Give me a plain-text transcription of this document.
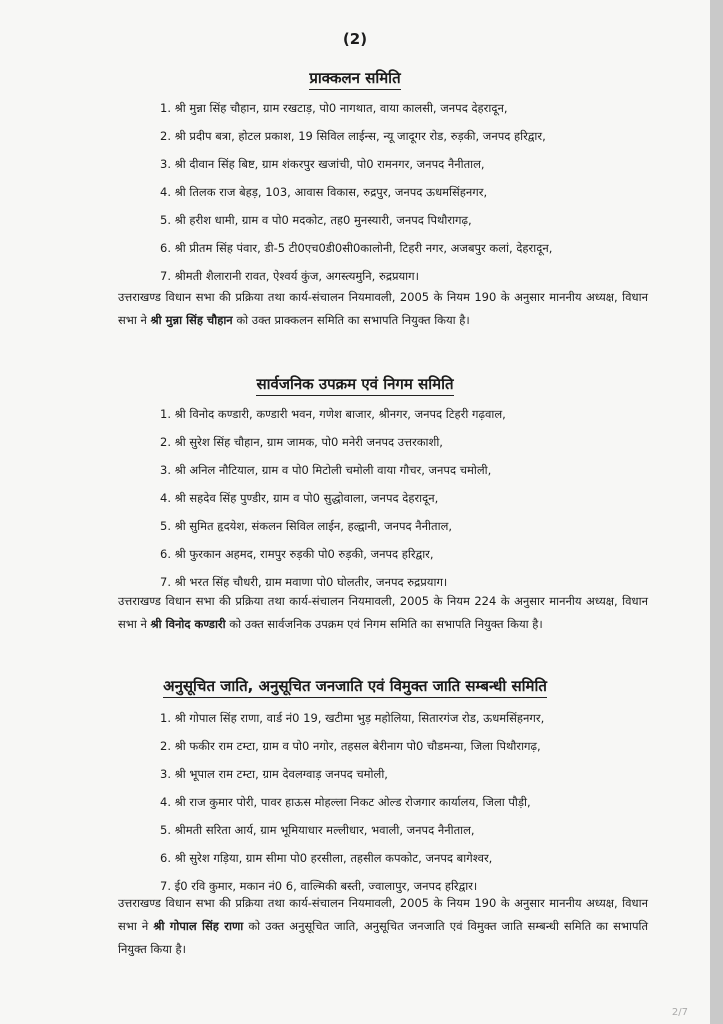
(2)
प्राक्कलन समिति
1. श्री मुन्ना सिंह चौहान, ग्राम रखटाड़, पो0 नागथात, वाया कालसी, जनपद देहरादून,
2. श्री प्रदीप बत्रा, होटल प्रकाश, 19 सिविल लाईन्स, न्यू जादूगर रोड, रुड़की, जनपद हरिद्वार,
3. श्री दीवान सिंह बिष्ट, ग्राम शंकरपुर खजांची, पो0 रामनगर, जनपद नैनीताल,
4. श्री तिलक राज बेहड़, 103, आवास विकास, रुद्रपुर, जनपद ऊधमसिंहनगर,
5. श्री हरीश धामी, ग्राम व पो0 मदकोट, तह0 मुनस्यारी, जनपद पिथौरागढ़,
6. श्री प्रीतम सिंह पंवार, डी-5 टी0एच0डी0सी0कालोनी, टिहरी नगर, अजबपुर कलां, देहरादून,
7. श्रीमती शैलारानी रावत, ऐश्वर्य कुंज, अगस्त्यमुनि, रुद्रप्रयाग।

उत्तराखण्ड विधान सभा की प्रक्रिया तथा कार्य-संचालन नियमावली, 2005 के नियम 190 के अनुसार माननीय अध्यक्ष, विधान सभा ने श्री मुन्ना सिंह चौहान को उक्त प्राक्कलन समिति का सभापति नियुक्त किया है।

सार्वजनिक उपक्रम एवं निगम समिति
1. श्री विनोद कण्डारी, कण्डारी भवन, गणेश बाजार, श्रीनगर, जनपद टिहरी गढ़वाल,
2. श्री सुरेश सिंह चौहान, ग्राम जामक, पो0 मनेरी जनपद उत्तरकाशी,
3. श्री अनिल नौटियाल, ग्राम व पो0 मिटोली चमोली वाया गौचर, जनपद चमोली,
4. श्री सहदेव सिंह पुण्डीर, ग्राम व पो0 सुद्धोवाला, जनपद देहरादून,
5. श्री सुमित हृदयेश, संकलन सिविल लाईन, हल्द्वानी, जनपद नैनीताल,
6. श्री फुरकान अहमद, रामपुर रुड़की पो0 रुड़की, जनपद हरिद्वार,
7. श्री भरत सिंह चौधरी, ग्राम मवाणा पो0 घोलतीर, जनपद रुद्रप्रयाग।

उत्तराखण्ड विधान सभा की प्रक्रिया तथा कार्य-संचालन नियमावली, 2005 के नियम 224 के अनुसार माननीय अध्यक्ष, विधान सभा ने श्री विनोद कण्डारी को उक्त सार्वजनिक उपक्रम एवं निगम समिति का सभापति नियुक्त किया है।

अनुसूचित जाति, अनुसूचित जनजाति एवं विमुक्त जाति सम्बन्धी समिति
1. श्री गोपाल सिंह राणा, वार्ड नं0 19, खटीमा भुड़ महोलिया, सितारगंज रोड, ऊधमसिंहनगर,
2. श्री फकीर राम टम्टा, ग्राम व पो0 नगोर, तहसल बेरीनाग पो0 चौडमन्या, जिला पिथौरागढ़,
3. श्री भूपाल राम टम्टा, ग्राम देवलग्वाड़ जनपद चमोली,
4. श्री राज कुमार पोरी, पावर हाऊस मोहल्ला निकट ओल्ड रोजगार कार्यालय, जिला पौड़ी,
5. श्रीमती सरिता आर्य, ग्राम भूमियाधार मल्लीधार, भवाली, जनपद नैनीताल,
6. श्री सुरेश गड़िया, ग्राम सीमा पो0 हरसीला, तहसील कपकोट, जनपद बागेश्वर,
7. ई0 रवि कुमार, मकान नं0 6, वाल्मिकी बस्ती, ज्वालापुर, जनपद हरिद्वार।

उत्तराखण्ड विधान सभा की प्रक्रिया तथा कार्य-संचालन नियमावली, 2005 के नियम 190 के अनुसार माननीय अध्यक्ष, विधान सभा ने श्री गोपाल सिंह राणा को उक्त अनुसूचित जाति, अनुसूचित जनजाति एवं विमुक्त जाति सम्बन्धी समिति का सभापति नियुक्त किया है।

2/7
